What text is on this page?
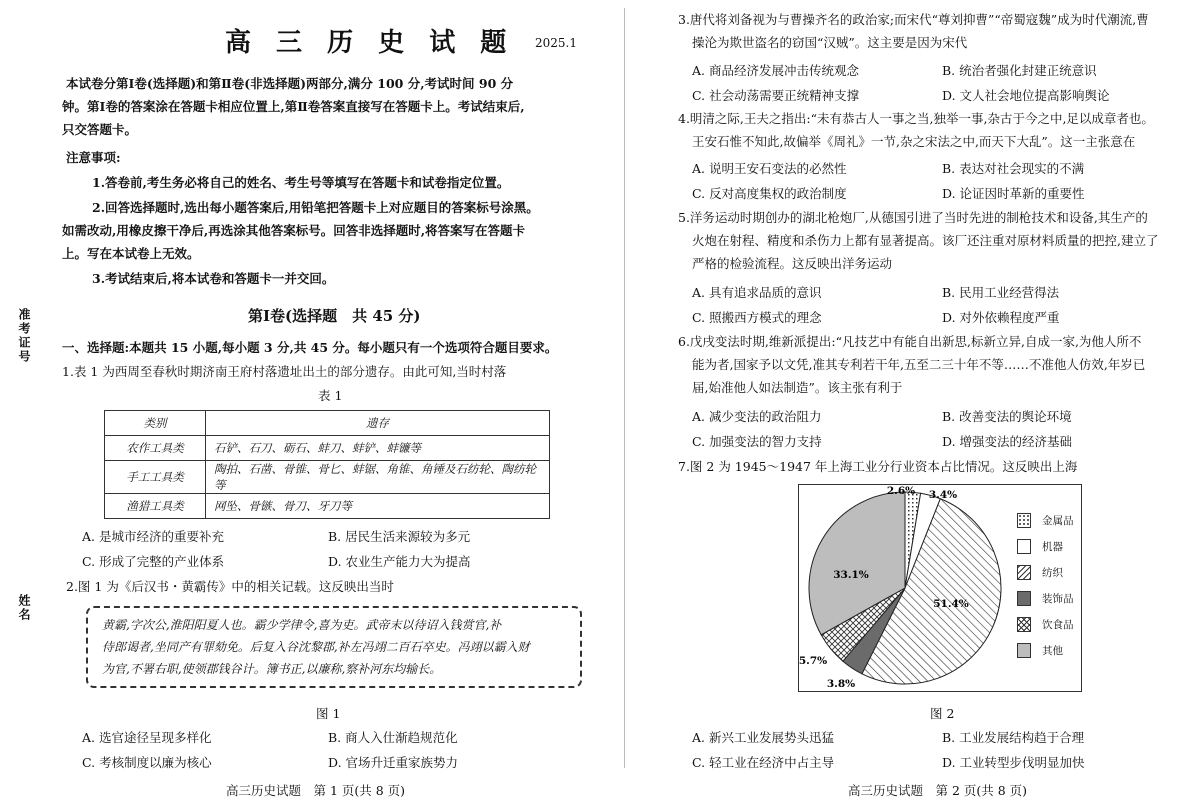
高 三 历 史 试 题 2025.1
准考证号
姓名
本试卷分第Ⅰ卷(选择题)和第Ⅱ卷(非选择题)两部分,满分 100 分,考试时间 90 分
钟。第Ⅰ卷的答案涂在答题卡相应位置上,第Ⅱ卷答案直接写在答题卡上。考试结束后,
只交答题卡。
注意事项:
1.答卷前,考生务必将自己的姓名、考生号等填写在答题卡和试卷指定位置。
2.回答选择题时,选出每小题答案后,用铅笔把答题卡上对应题目的答案标号涂黑。
如需改动,用橡皮擦干净后,再选涂其他答案标号。回答非选择题时,将答案写在答题卡
上。写在本试卷上无效。
3.考试结束后,将本试卷和答题卡一并交回。
第Ⅰ卷(选择题　共 45 分)
一、选择题:本题共 15 小题,每小题 3 分,共 45 分。每小题只有一个选项符合题目要求。
1.表 1 为西周至春秋时期济南王府村落遗址出土的部分遗存。由此可知,当时村落
表 1
类别	遗存
农作工具类	石铲、石刀、砺石、蚌刀、蚌铲、蚌镰等
手工工具类	陶拍、石凿、骨锥、骨匕、蚌锯、角锥、角锤及石纺轮、陶纺轮等
渔猎工具类	网坠、骨镞、骨刀、牙刀等
A. 是城市经济的重要补充	B. 居民生活来源较为多元
C. 形成了完整的产业体系	D. 农业生产能力大为提高
2.图 1 为《后汉书・黄霸传》中的相关记载。这反映出当时
黄霸,字次公,淮阳阳夏人也。霸少学律令,喜为吏。武帝末以待诏入钱赏官,补
侍郎谒者,坐同产有罪劾免。后复入谷沈黎郡,补左冯翊二百石卒史。冯翊以霸入财
为官,不署右职,使领郡钱谷计。簿书正,以廉称,察补河东均输长。
图 1
A. 选官途径呈现多样化	B. 商人入仕渐趋规范化
C. 考核制度以廉为核心	D. 官场升迁重家族势力
高三历史试题　第 1 页(共 8 页)
3.唐代将刘备视为与曹操齐名的政治家;而宋代“尊刘抑曹”“帝蜀寇魏”成为时代潮流,曹
操沦为欺世盗名的窃国“汉贼”。这主要是因为宋代
A. 商品经济发展冲击传统观念	B. 统治者强化封建正统意识
C. 社会动荡需要正统精神支撑	D. 文人社会地位提高影响舆论
4.明清之际,王夫之指出:“未有恭古人一事之当,独举一事,杂古于今之中,足以成章者也。
王安石惟不知此,故偏举《周礼》一节,杂之宋法之中,而天下大乱”。这一主张意在
A. 说明王安石变法的必然性	B. 表达对社会现实的不满
C. 反对高度集权的政治制度	D. 论证因时革新的重要性
5.洋务运动时期创办的湖北枪炮厂,从德国引进了当时先进的制枪技术和设备,其生产的
火炮在射程、精度和杀伤力上都有显著提高。该厂还注重对原材料质量的把控,建立了
严格的检验流程。这反映出洋务运动
A. 具有追求品质的意识	B. 民用工业经营得法
C. 照搬西方模式的理念	D. 对外依赖程度严重
6.戊戌变法时期,维新派提出:“凡技艺中有能自出新思,标新立异,自成一家,为他人所不
能为者,国家予以文凭,准其专利若干年,五至二三十年不等……不准他人仿效,年岁已
届,始准他人如法制造”。该主张有利于
A. 减少变法的政治阻力	B. 改善变法的舆论环境
C. 加强变法的智力支持	D. 增强变法的经济基础
7.图 2 为 1945～1947 年上海工业分行业资本占比情况。这反映出上海
2.6% 3.4%
51.4%
3.8%
5.7%
33.1%
金属品
机器
纺织
装饰品
饮食品
其他
图 2
A. 新兴工业发展势头迅猛	B. 工业发展结构趋于合理
C. 轻工业在经济中占主导	D. 工业转型步伐明显加快
高三历史试题　第 2 页(共 8 页)
